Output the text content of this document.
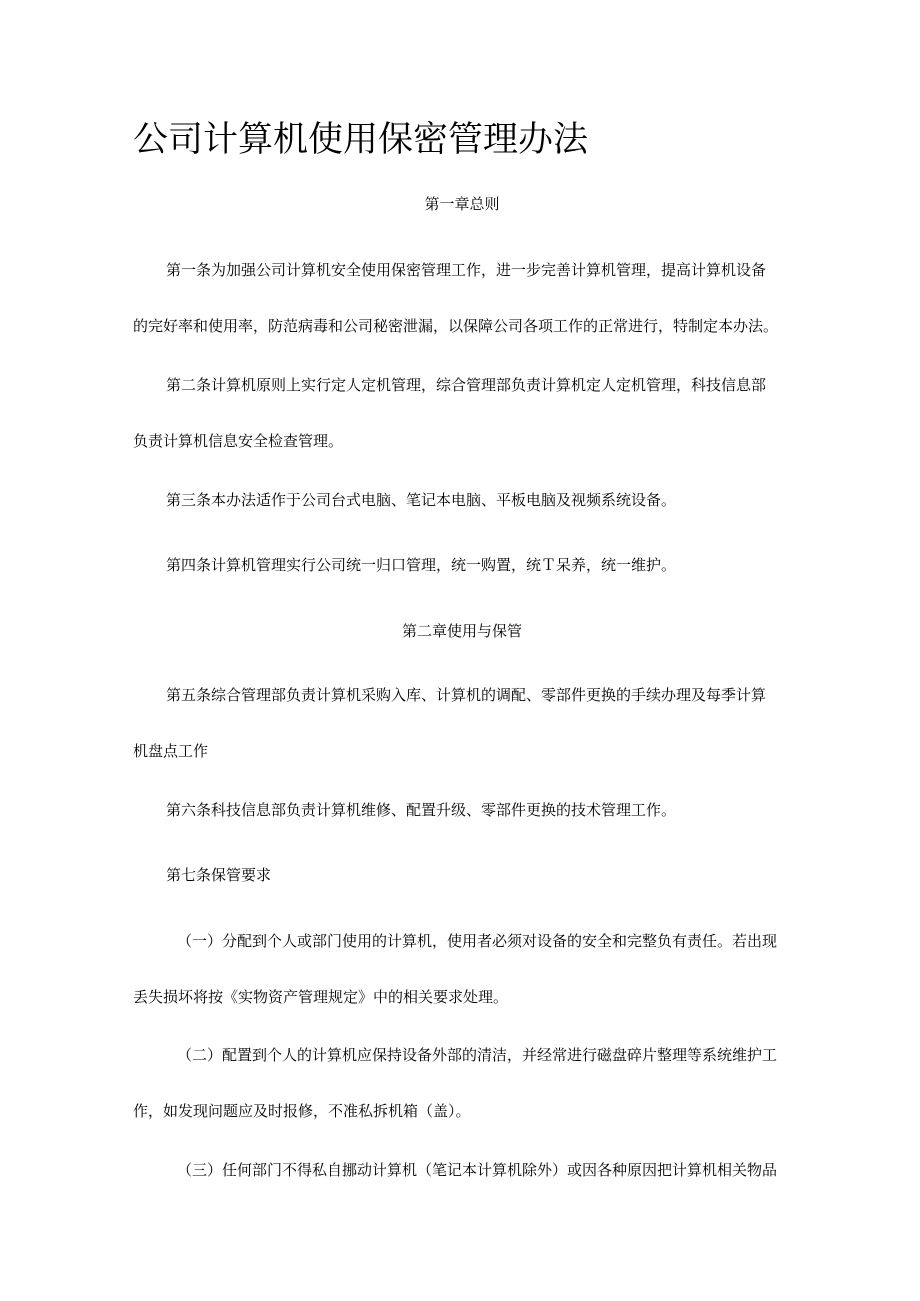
公司计算机使用保密管理办法
第一章总则
第一条为加强公司计算机安全使用保密管理工作，进一步完善计算机管理，提高计算机设备
的完好率和使用率，防范病毒和公司秘密泄漏，以保障公司各项工作的正常进行，特制定本办法。
第二条计算机原则上实行定人定机管理，综合管理部负责计算机定人定机管理，科技信息部
负责计算机信息安全检查管理。
第三条本办法适作于公司台式电脑、笔记本电脑、平板电脑及视频系统设备。
第四条计算机管理实行公司统一归口管理，统一购置，统Ｔ呆养，统一维护。
第二章使用与保管
第五条综合管理部负责计算机采购入库、计算机的调配、零部件更换的手续办理及每季计算
机盘点工作
第六条科技信息部负责计算机维修、配置升级、零部件更换的技术管理工作。
第七条保管要求
（一）分配到个人或部门使用的计算机，使用者必须对设备的安全和完整负有责任。若出现
丢失损坏将按《实物资产管理规定》中的相关要求处理。
（二）配置到个人的计算机应保持设备外部的清洁，并经常进行磁盘碎片整理等系统维护工
作，如发现问题应及时报修，不准私拆机箱（盖）。
（三）任何部门不得私自挪动计算机（笔记本计算机除外）或因各种原因把计算机相关物品
